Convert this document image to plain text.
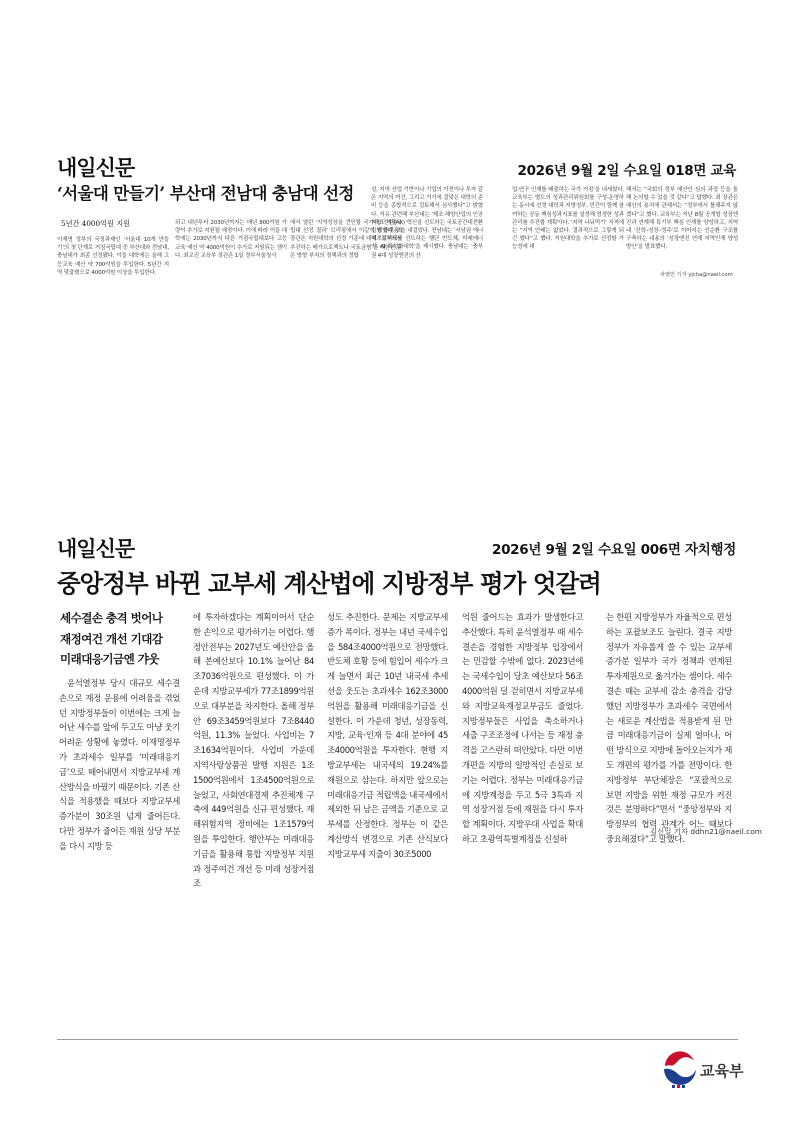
내일신문	2026년 9월 2일 수요일 018면 교육
‘서울대 만들기’ 부산대 전남대 충남대 선정
5년간 4000억원 지원

이재명 정부의 국정과제인 ‘서울대 10개 만들기’의 첫 단계로 거점국립대 중 부산대와 전남대, 충남대가 최종 선정됐다. 이들 대학에는 올해 고등교육 예산 약 700억원을 투입한다. 5년간 지역 맞춤형으로 4000억원 이상을 투입한다.

되고 내년부터 2030년까지는 매년 800억원 가량이 추가로 지원될 예정이다. 이에 따라 이들 대학에는 2030년까지 다른 거점국립대보다 고등교육 예산 약 4000억원이 추가로 지원되는 셈이다. 최교진 교육부 장관은 1일 정부서울청사

에서 열린 ‘지역성장을 견인할 국가대표 거점국립대 선정 결과’ 브리핑에서 이같이 밝혔다. 최 장관은 지원대학의 선정 기준에 대해 “정부에서 추진하는 메가프로젝트나 국토균형 간 대한한 같은 방향 부처의 정책과의 정합

성, 지역 산업 기반이나 기업의 이전이나 투자 같은 지역의 여건, 그리고 거기에 걸맞은 대학의 준비 등을 종합적으로 검토해서 심사했다”고 밝혔다. 석유 관련해 부산대는 ‘제조·해양산업의 인공지능 전환(AX) 혁신을 선도하는 국토공간대전환 실행 플랫폼’을 내걸었다. 전남대는 ‘서남권 에너지프로젝트를 선도하는 행단 반도체, 미래에너지, AI 특성화대학’을 제시했다. 충남대는 ‘충부권 4대 성장엔진의 산

업·연구 인재를 배출하는 국가 거점’을 내세웠다. 교육부는 별도의 성과관리위원회를 구성·운영하는 동시에 선정 대학과 지방정부, 민간이 함께 참여하는 공동 핵심성과지표를 설정해 엄정한 성과 관리를 추진할 계획이다. ‘지역 나눠먹기’ 지적에는 “지역 안배는 없었다. 결과적으로 그렇게 되긴 했다”고 했다. 지원대학을 추가로 선정할 가능성에 대

해서는 “국회의 정부 예산안 심의 과정 등을 통해 논의할 수 있을 것 같다”고 답했다. 최 장관은 예산의 용처에 관해서는 “정부에서 틀해주지 않겠다”고 했다. 교육부는 지난 8월 공개할 성장엔진과 연계해 특기부 핵심 인재를 양성하고, 지역 내 ‘진학–성장–정주’로 이어지는 선순환 구조를 구축하는 내용의 ‘성장엔진 연계 지역인재 양성방안’을 발표했다.

차염민 기자 yjcha@naeil.com
내일신문	2026년 9월 2일 수요일 006면 자치행정
중앙정부 바뀐 교부세 계산법에 지방정부 평가 엇갈려
세수결손 충격 벗어나
재정여건 개선 기대감
미래대응기금엔 갸웃

윤석열정부 당시 대규모 세수결손으로 재정 운용에 어려움을 겪었던 지방정부들이 이번에는 크게 늘어난 세수를 앞에 두고도 마냥 웃기 어려운 상황에 놓였다. 이재명정부가 초과세수 일부를 ‘미래대응기금’으로 떼어내면서 지방교부세 계산방식을 바꿨기 때문이다. 기존 산식을 적용했을 때보다 지방교부세 증가분이 30조원 넘게 줄어든다. 다만 정부가 줄어든 재원 상당 부분을 다시 지방 등

에 투자하겠다는 계획이어서 단순한 손익으로 평가하기는 어렵다. 행정안전부는 2027년도 예산안을 올해 본예산보다 10.1% 늘어난 84조7036억원으로 편성했다. 이 가운데 지방교부세가 77조1899억원으로 대부분을 차지한다. 올해 정부안 69조3459억원보다 7조8440억원, 11.3% 늘었다. 사업비는 7조1634억원이다. 사업비 가운데 지역사랑상품권 발행 지원은 1조1500억원에서 1조4500억원으로 늘었고, 사회연대경제 추진체계 구축에 449억원을 신규 편성했다. 재해위험지역 정비에는 1조1579억원을 투입한다. 행안부는 미래대응기금을 활용해 통합 지방정부 지원과 정주여건 개선 등 미래 성장거점 조

성도 추진한다. 문제는 지방교부세 증가 폭이다. 정부는 내년 국세수입을 584조4000억원으로 전망했다. 반도체 호황 등에 힘입어 세수가 크게 늘면서 최근 10년 내국세 추세선을 웃도는 초과세수 162조3000억원을 활용해 미래대응기금을 신설한다. 이 가운데 청년, 성장동력, 지방, 교육·인재 등 4대 분야에 45조4000억원을 투자한다. 현행 지방교부세는 내국세의 19.24%를 재원으로 삼는다. 하지만 앞으로는 미래대응기금 적립액을 내국세에서 제외한 뒤 남은 금액을 기준으로 교부세를 산정한다. 정부는 이 같은 계산방식 변경으로 기존 산식보다 지방교부세 지출이 30조5000

억원 줄어드는 효과가 발생한다고 추산했다. 특히 윤석열정부 때 세수결손을 경험한 지방정부 입장에서는 민감할 수밖에 없다. 2023년에는 국세수입이 당초 예산보다 56조4000억원 덜 걷히면서 지방교부세와 지방교육재정교부금도 줄었다. 지방정부들은 사업을 축소하거나 세출 구조조정에 나서는 등 재정 충격을 고스란히 떠안았다. 다만 이번 개편을 지방의 일방적인 손실로 보기는 어렵다. 정부는 미래대응기금에 지방계정을 두고 5극 3특과 지역 성장거점 등에 재원을 다시 투자할 계획이다. 지방우대 사업을 확대하고 초광역특별계정을 신설하

는 한편 지방정부가 자율적으로 편성하는 포괄보조도 늘린다. 결국 지방정부가 자유롭게 쓸 수 있는 교부세 증가분 일부가 국가 정책과 연계된 투자재원으로 옮겨가는 셈이다. 세수결손 때는 교부세 감소 충격을 감당했던 지방정부가 초과세수 국면에서는 새로운 계산법을 적용받게 된 만큼 미래대응기금이 실제 얼마나, 어떤 방식으로 지방에 돌아오는지가 제도 개편의 평가를 가를 전망이다. 한 지방정부 부단체장은 “포괄적으로 보면 지방을 위한 재정 규모가 커진 것은 분명하다”면서 “중앙정부와 지방정부의 협력 관계가 어느 때보다 중요해졌다”고 말했다.

김신일 기자 ddhn21@naeil.com
교육부
